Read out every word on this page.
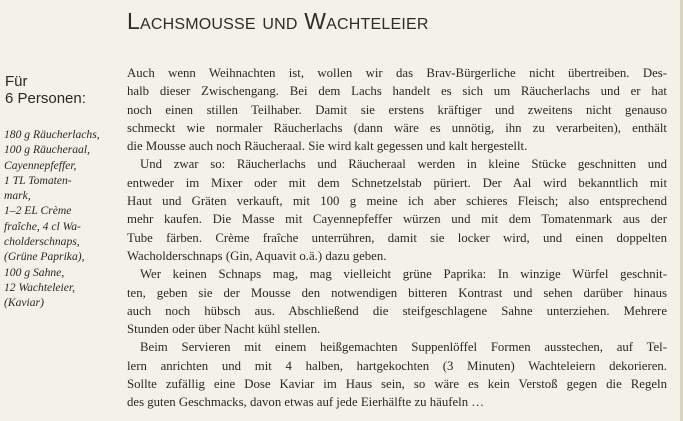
Lachsmousse und Wachteleier
Für
6 Personen:
180 g Räucherlachs,
100 g Räucheraal,
Cayennepfeffer,
1 TL Tomaten-
mark,
1–2 EL Crème
fraîche, 4 cl Wa-
cholderschnaps,
(Grüne Paprika),
100 g Sahne,
12 Wachteleier,
(Kaviar)
Auch wenn Weihnachten ist, wollen wir das Brav-Bürgerliche nicht übertreiben. Des-
halb dieser Zwischengang. Bei dem Lachs handelt es sich um Räucherlachs und er hat
noch einen stillen Teilhaber. Damit sie erstens kräftiger und zweitens nicht genauso
schmeckt wie normaler Räucherlachs (dann wäre es unnötig, ihn zu verarbeiten), enthält
die Mousse auch noch Räucheraal. Sie wird kalt gegessen und kalt hergestellt.
Und zwar so: Räucherlachs und Räucheraal werden in kleine Stücke geschnitten und
entweder im Mixer oder mit dem Schnetzelstab püriert. Der Aal wird bekanntlich mit
Haut und Gräten verkauft, mit 100 g meine ich aber schieres Fleisch; also entsprechend
mehr kaufen. Die Masse mit Cayennepfeffer würzen und mit dem Tomatenmark aus der
Tube färben. Crème fraîche unterrühren, damit sie locker wird, und einen doppelten
Wacholderschnaps (Gin, Aquavit o.ä.) dazu geben.
Wer keinen Schnaps mag, mag vielleicht grüne Paprika: In winzige Würfel geschnit-
ten, geben sie der Mousse den notwendigen bitteren Kontrast und sehen darüber hinaus
auch noch hübsch aus. Abschließend die steifgeschlagene Sahne unterziehen. Mehrere
Stunden oder über Nacht kühl stellen.
Beim Servieren mit einem heißgemachten Suppenlöffel Formen ausstechen, auf Tel-
lern anrichten und mit 4 halben, hartgekochten (3 Minuten) Wachteleiern dekorieren.
Sollte zufällig eine Dose Kaviar im Haus sein, so wäre es kein Verstoß gegen die Regeln
des guten Geschmacks, davon etwas auf jede Eierhälfte zu häufeln …
